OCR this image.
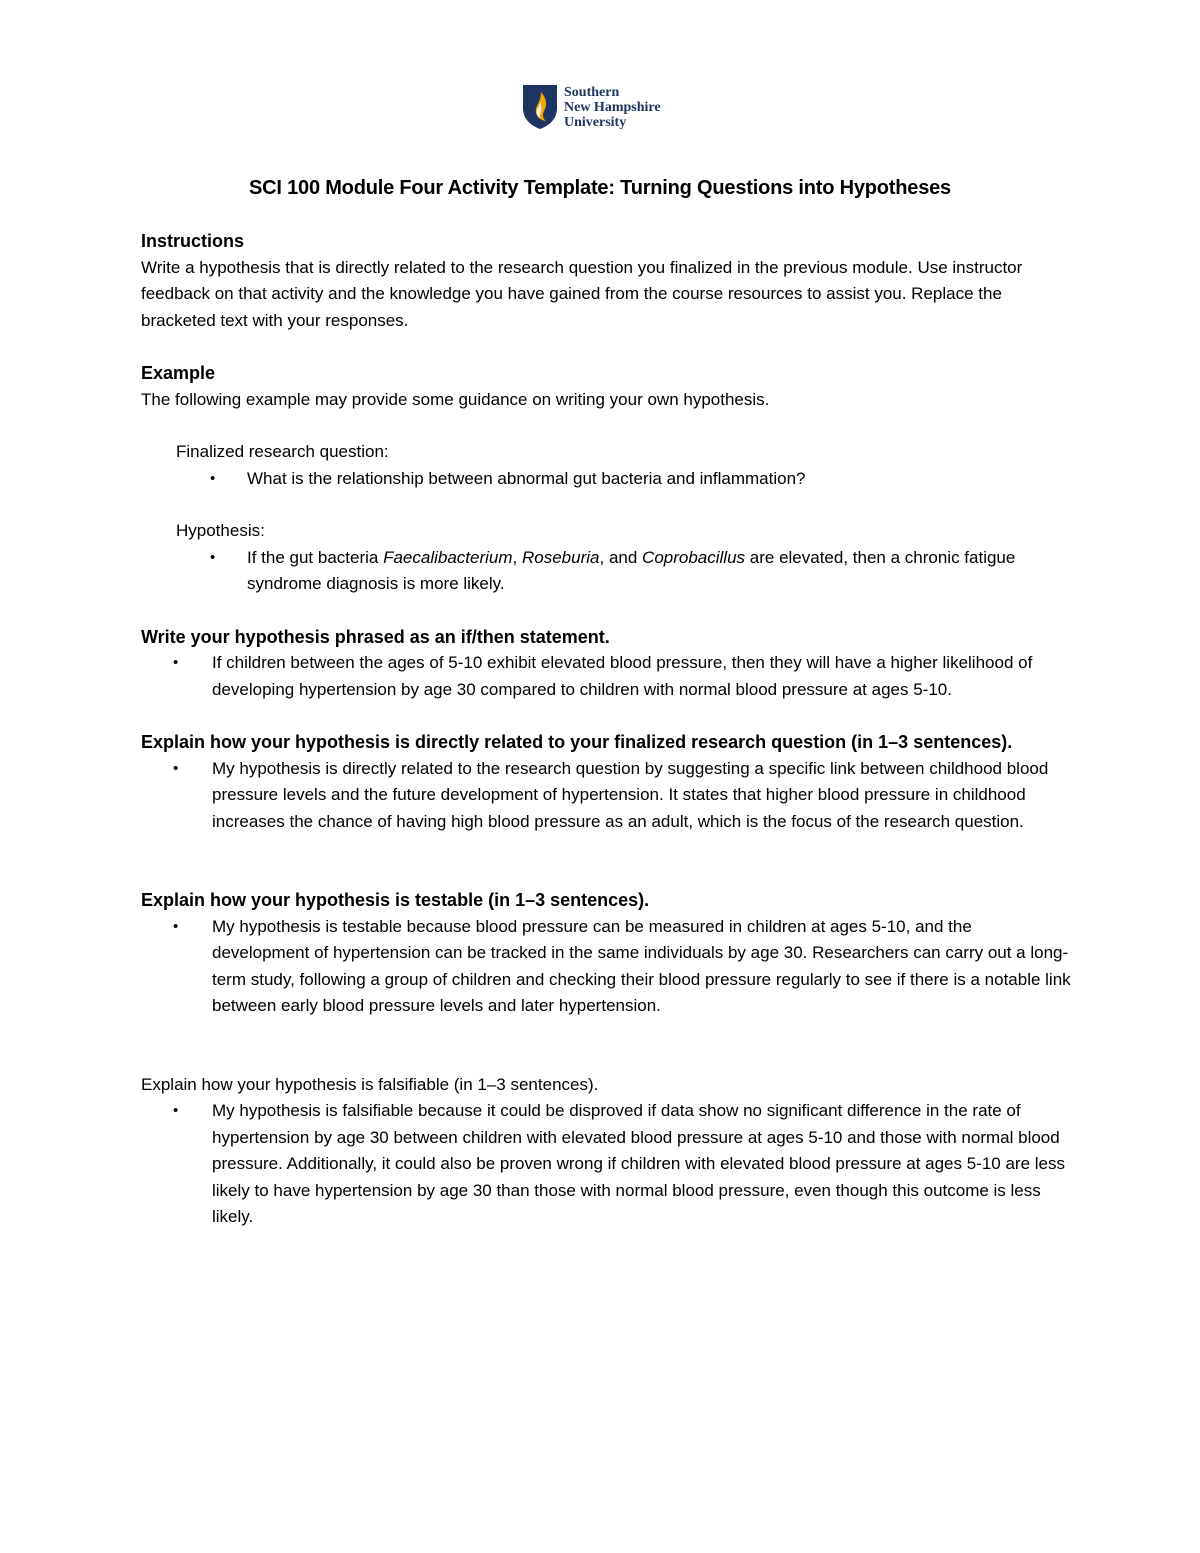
Southern
New Hampshire
University
SCI 100 Module Four Activity Template: Turning Questions into Hypotheses
Instructions

Write a hypothesis that is directly related to the research question you finalized in the previous module. Use instructor feedback on that activity and the knowledge you have gained from the course resources to assist you. Replace the bracketed text with your responses.

Example

The following example may provide some guidance on writing your own hypothesis.

Finalized research question:
• What is the relationship between abnormal gut bacteria and inflammation?
Hypothesis:
• If the gut bacteria Faecalibacterium, Roseburia, and Coprobacillus are elevated, then a chronic fatigue syndrome diagnosis is more likely.
Write your hypothesis phrased as an if/then statement.
• If children between the ages of 5-10 exhibit elevated blood pressure, then they will have a higher likelihood of developing hypertension by age 30 compared to children with normal blood pressure at ages 5-10.
Explain how your hypothesis is directly related to your finalized research question (in 1–3 sentences).
• My hypothesis is directly related to the research question by suggesting a specific link between childhood blood pressure levels and the future development of hypertension. It states that higher blood pressure in childhood increases the chance of having high blood pressure as an adult, which is the focus of the research question.
Explain how your hypothesis is testable (in 1–3 sentences).
• My hypothesis is testable because blood pressure can be measured in children at ages 5-10, and the development of hypertension can be tracked in the same individuals by age 30. Researchers can carry out a long-term study, following a group of children and checking their blood pressure regularly to see if there is a notable link between early blood pressure levels and later hypertension.
Explain how your hypothesis is falsifiable (in 1–3 sentences).
• My hypothesis is falsifiable because it could be disproved if data show no significant difference in the rate of hypertension by age 30 between children with elevated blood pressure at ages 5-10 and those with normal blood pressure. Additionally, it could also be proven wrong if children with elevated blood pressure at ages 5-10 are less likely to have hypertension by age 30 than those with normal blood pressure, even though this outcome is less likely.
